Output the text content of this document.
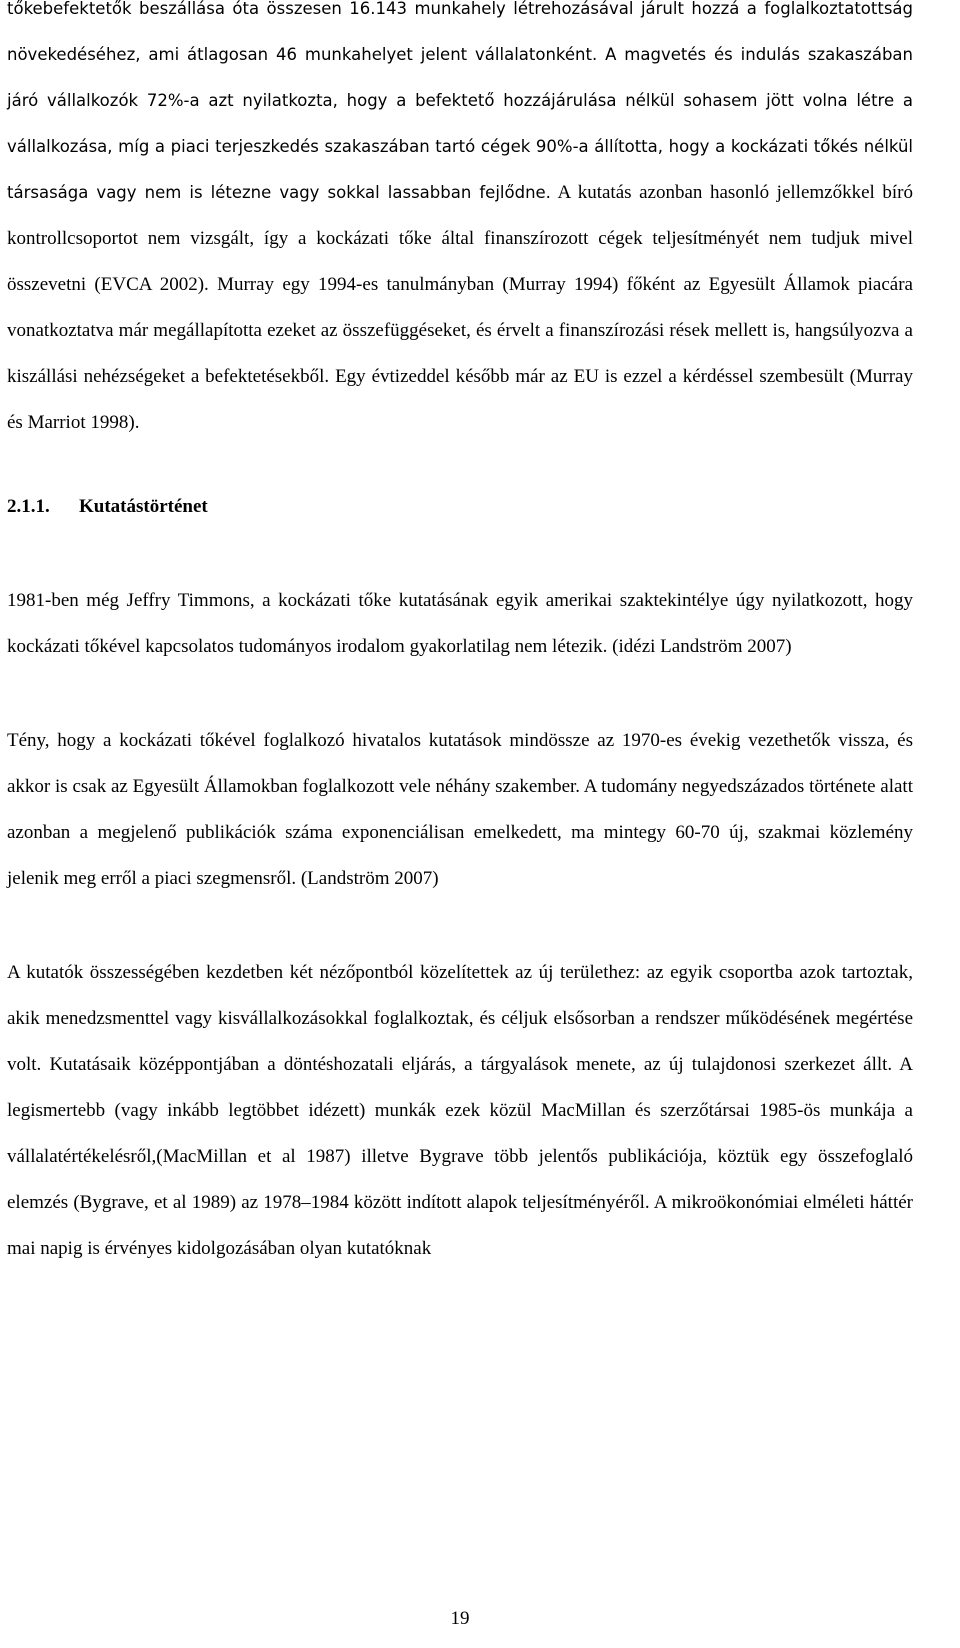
tőkebefektetők beszállása óta összesen 16.143 munkahely létrehozásával járult hozzá a foglalkoztatottság növekedéséhez, ami átlagosan 46 munkahelyet jelent vállalatonként. A magvetés és indulás szakaszában járó vállalkozók 72%-a azt nyilatkozta, hogy a befektető hozzájárulása nélkül sohasem jött volna létre a vállalkozása, míg a piaci terjeszkedés szakaszában tartó cégek 90%-a állította, hogy a kockázati tőkés nélkül társasága vagy nem is létezne vagy sokkal lassabban fejlődne. A kutatás azonban hasonló jellemzőkkel bíró kontrollcsoportot nem vizsgált, így a kockázati tőke által finanszírozott cégek teljesítményét nem tudjuk mivel összevetni (EVCA 2002). Murray egy 1994-es tanulmányban (Murray 1994) főként az Egyesült Államok piacára vonatkoztatva már megállapította ezeket az összefüggéseket, és érvelt a finanszírozási rések mellett is, hangsúlyozva a kiszállási nehézségeket a befektetésekből. Egy évtizeddel később már az EU is ezzel a kérdéssel szembesült (Murray és Marriot 1998).

2.1.1. Kutatástörténet

1981-ben még Jeffry Timmons, a kockázati tőke kutatásának egyik amerikai szaktekintélye úgy nyilatkozott, hogy kockázati tőkével kapcsolatos tudományos irodalom gyakorlatilag nem létezik. (idézi Landström 2007)

Tény, hogy a kockázati tőkével foglalkozó hivatalos kutatások mindössze az 1970-es évekig vezethetők vissza, és akkor is csak az Egyesült Államokban foglalkozott vele néhány szakember. A tudomány negyedszázados története alatt azonban a megjelenő publikációk száma exponenciálisan emelkedett, ma mintegy 60-70 új, szakmai közlemény jelenik meg erről a piaci szegmensről. (Landström 2007)

A kutatók összességében kezdetben két nézőpontból közelítettek az új területhez: az egyik csoportba azok tartoztak, akik menedzsmenttel vagy kisvállalkozásokkal foglalkoztak, és céljuk elsősorban a rendszer működésének megértése volt. Kutatásaik középpontjában a döntéshozatali eljárás, a tárgyalások menete, az új tulajdonosi szerkezet állt. A legismertebb (vagy inkább legtöbbet idézett) munkák ezek közül MacMillan és szerzőtársai 1985-ös munkája a vállalatértékelésről,(MacMillan et al 1987) illetve Bygrave több jelentős publikációja, köztük egy összefoglaló elemzés (Bygrave, et al 1989) az 1978–1984 között indított alapok teljesítményéről. A mikroökonómiai elméleti háttér mai napig is érvényes kidolgozásában olyan kutatóknak

19
